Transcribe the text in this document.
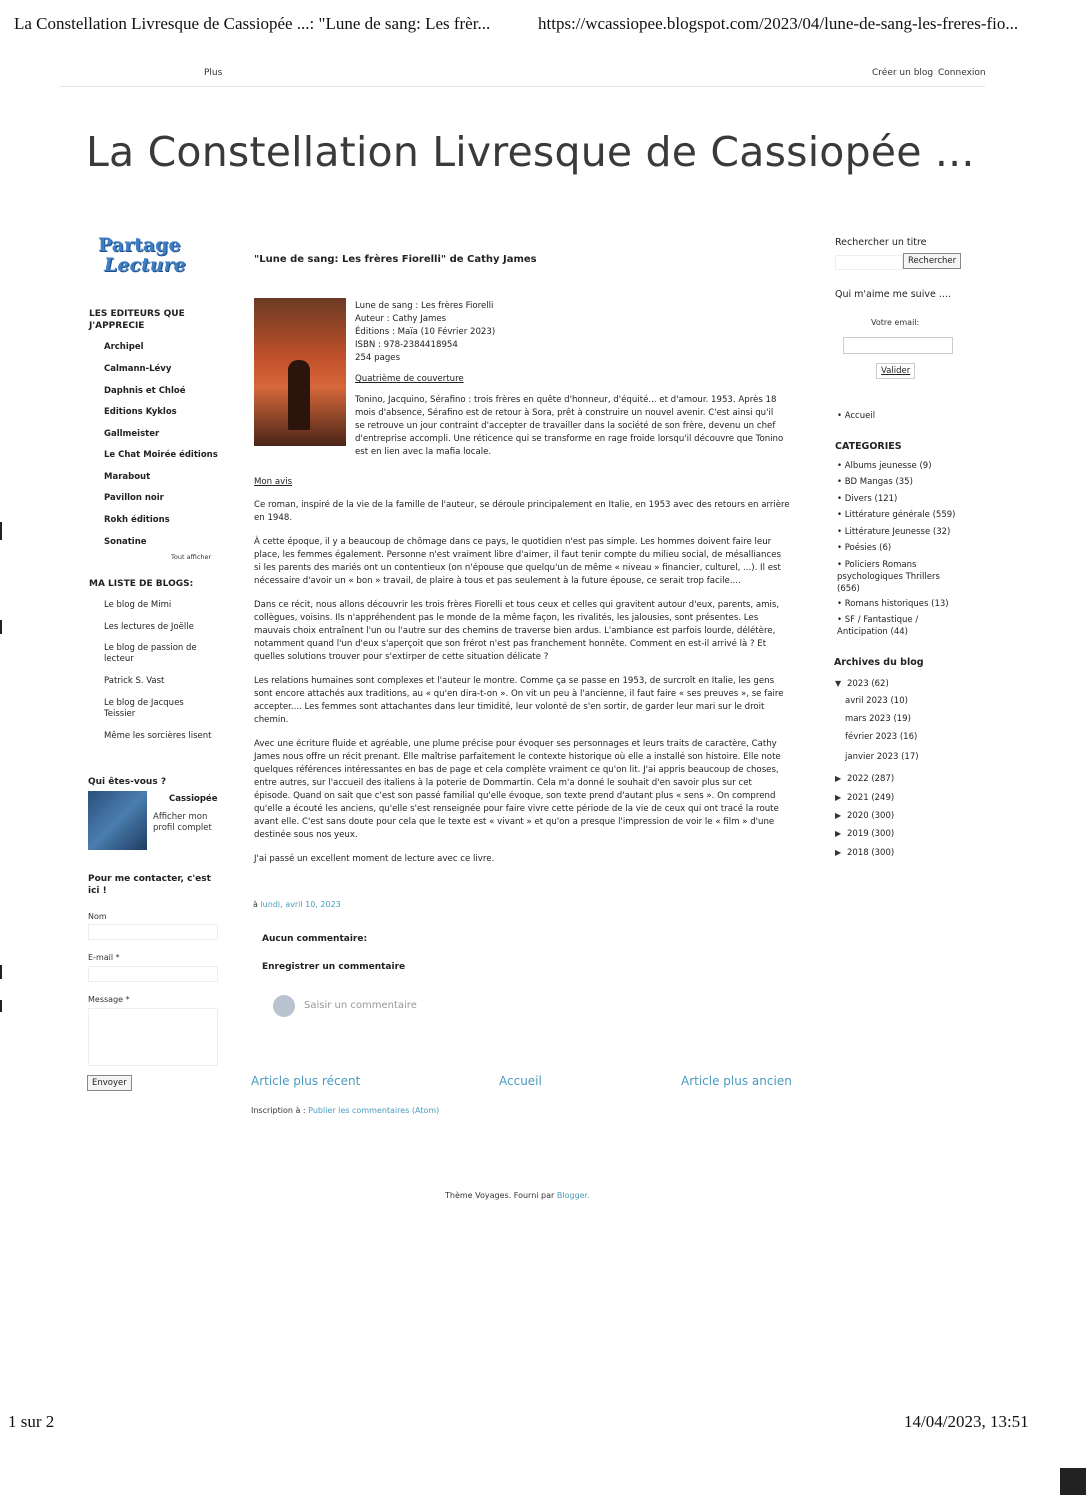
La Constellation Livresque de Cassiopée ...: "Lune de sang: Les frèr...	https://wcassiopee.blogspot.com/2023/04/lune-de-sang-les-freres-fio...
Plus	Créer un blog Connexion
La Constellation Livresque de Cassiopée ...
Partage
Lecture
LES EDITEURS QUE J'APPRECIE
Archipel
Calmann-Lévy
Daphnis et Chloé
Editions Kyklos
Gallmeister
Le Chat Moirée éditions
Marabout
Pavillon noir
Rokh éditions
Sonatine
Tout afficher
MA LISTE DE BLOGS:
Le blog de Mimi
Les lectures de Joëlle
Le blog de passion de lecteur
Patrick S. Vast
Le blog de Jacques Teissier
Même les sorcières lisent
Qui êtes-vous ?
Cassiopée
Afficher mon profil complet
Pour me contacter, c'est ici !
Nom
E-mail *
Message *
Envoyer
"Lune de sang: Les frères Fiorelli" de Cathy James
Lune de sang : Les frères Fiorelli
Auteur : Cathy James
Éditions : Maïa (10 Février 2023)
ISBN : 978-2384418954
254 pages
Quatrième de couverture
Tonino, Jacquino, Sérafino : trois frères en quête d'honneur, d'équité... et d'amour. 1953. Après 18 mois d'absence, Sérafino est de retour à Sora, prêt à construire un nouvel avenir. C'est ainsi qu'il se retrouve un jour contraint d'accepter de travailler dans la société de son frère, devenu un chef d'entreprise accompli. Une réticence qui se transforme en rage froide lorsqu'il découvre que Tonino est en lien avec la mafia locale.
Mon avis
Ce roman, inspiré de la vie de la famille de l'auteur, se déroule principalement en Italie, en 1953 avec des retours en arrière en 1948.
À cette époque, il y a beaucoup de chômage dans ce pays, le quotidien n'est pas simple. Les hommes doivent faire leur place, les femmes également. Personne n'est vraiment libre d'aimer, il faut tenir compte du milieu social, de mésalliances si les parents des mariés ont un contentieux (on n'épouse que quelqu'un de même « niveau » financier, culturel, ...). Il est nécessaire d'avoir un « bon » travail, de plaire à tous et pas seulement à la future épouse, ce serait trop facile....
Dans ce récit, nous allons découvrir les trois frères Fiorelli et tous ceux et celles qui gravitent autour d'eux, parents, amis, collègues, voisins. Ils n'appréhendent pas le monde de la même façon, les rivalités, les jalousies, sont présentes. Les mauvais choix entraînent l'un ou l'autre sur des chemins de traverse bien ardus. L'ambiance est parfois lourde, délétère, notamment quand l'un d'eux s'aperçoit que son frérot n'est pas franchement honnête. Comment en est-il arrivé là ? Et quelles solutions trouver pour s'extirper de cette situation délicate ?
Les relations humaines sont complexes et l'auteur le montre. Comme ça se passe en 1953, de surcroît en Italie, les gens sont encore attachés aux traditions, au « qu'en dira-t-on ». On vit un peu à l'ancienne, il faut faire « ses preuves », se faire accepter.... Les femmes sont attachantes dans leur timidité, leur volonté de s'en sortir, de garder leur mari sur le droit chemin.
Avec une écriture fluide et agréable, une plume précise pour évoquer ses personnages et leurs traits de caractère, Cathy James nous offre un récit prenant. Elle maîtrise parfaitement le contexte historique où elle a installé son histoire. Elle note quelques références intéressantes en bas de page et cela complète vraiment ce qu'on lit. J'ai appris beaucoup de choses, entre autres, sur l'accueil des italiens à la poterie de Dommartin. Cela m'a donné le souhait d'en savoir plus sur cet épisode. Quand on sait que c'est son passé familial qu'elle évoque, son texte prend d'autant plus « sens ». On comprend qu'elle a écouté les anciens, qu'elle s'est renseignée pour faire vivre cette période de la vie de ceux qui ont tracé la route avant elle. C'est sans doute pour cela que le texte est « vivant » et qu'on a presque l'impression de voir le « film » d'une destinée sous nos yeux.
J'ai passé un excellent moment de lecture avec ce livre.
à lundi, avril 10, 2023
Aucun commentaire:
Enregistrer un commentaire
Saisir un commentaire
Article plus récent	Accueil	Article plus ancien
Inscription à : Publier les commentaires (Atom)
Rechercher un titre
Rechercher
Qui m'aime me suive ....
Votre email:
Valider
• Accueil
CATEGORIES
• Albums jeunesse (9)
• BD Mangas (35)
• Divers (121)
• Littérature générale (559)
• Littérature Jeunesse (32)
• Poésies (6)
• Policiers Romans psychologiques Thrillers (656)
• Romans historiques (13)
• SF / Fantastique / Anticipation (44)
Archives du blog
▼ 2023 (62)
avril 2023 (10)
mars 2023 (19)
février 2023 (16)
janvier 2023 (17)
▶ 2022 (287)
▶ 2021 (249)
▶ 2020 (300)
▶ 2019 (300)
▶ 2018 (300)
Thème Voyages. Fourni par Blogger.
1 sur 2	14/04/2023, 13:51
